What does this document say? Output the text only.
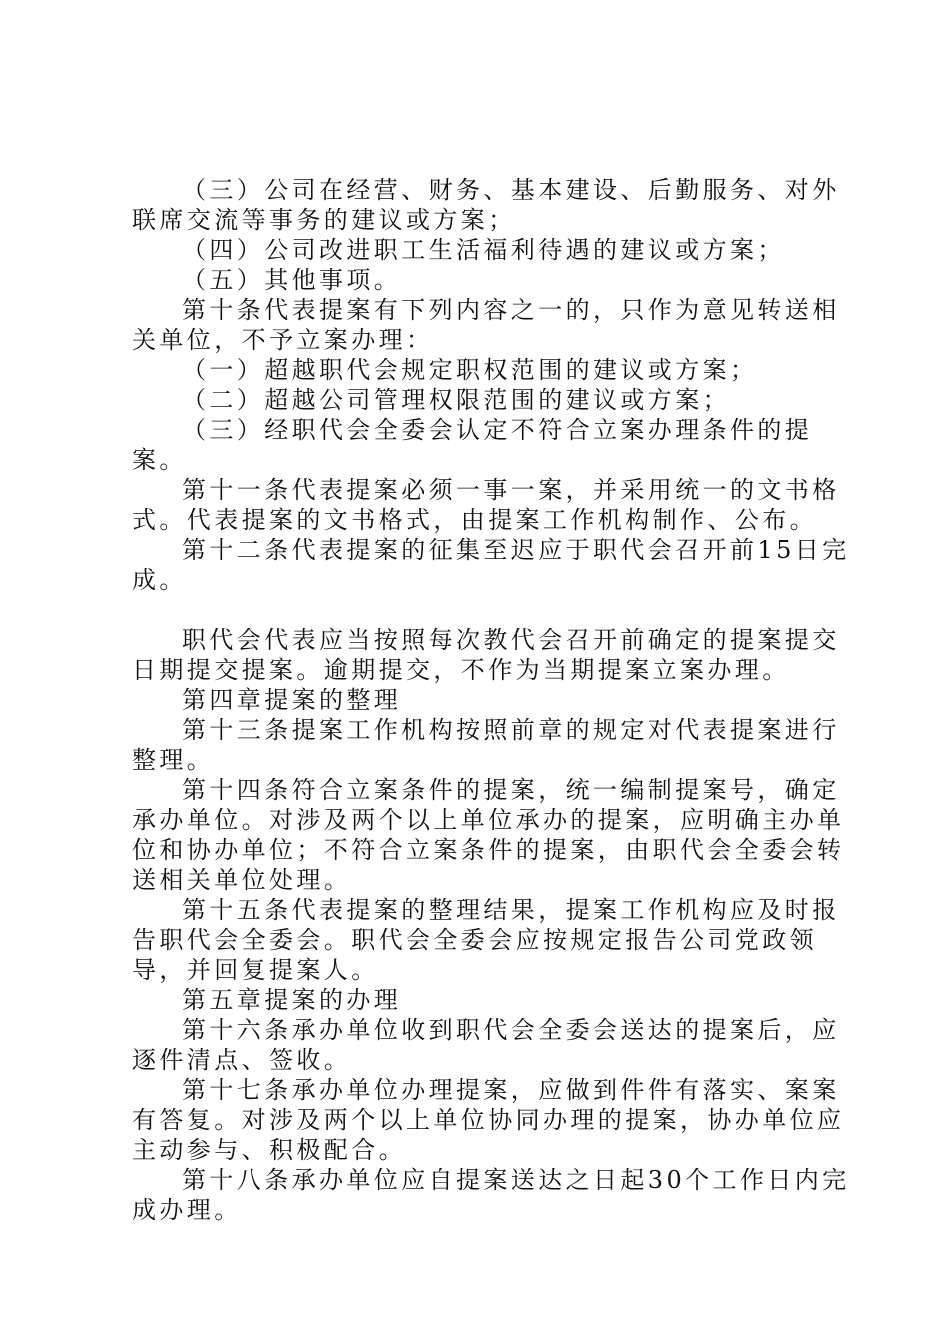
（三）公司在经营、财务、基本建设、后勤服务、对外联席交流等事务的建议或方案；

（四）公司改进职工生活福利待遇的建议或方案；

（五）其他事项。

第十条代表提案有下列内容之一的，只作为意见转送相关单位，不予立案办理：

（一）超越职代会规定职权范围的建议或方案；

（二）超越公司管理权限范围的建议或方案；

（三）经职代会全委会认定不符合立案办理条件的提案。

第十一条代表提案必须一事一案，并采用统一的文书格式。代表提案的文书格式，由提案工作机构制作、公布。

第十二条代表提案的征集至迟应于职代会召开前15日完成。

职代会代表应当按照每次教代会召开前确定的提案提交日期提交提案。逾期提交，不作为当期提案立案办理。

第四章提案的整理

第十三条提案工作机构按照前章的规定对代表提案进行整理。

第十四条符合立案条件的提案，统一编制提案号，确定承办单位。对涉及两个以上单位承办的提案，应明确主办单位和协办单位；不符合立案条件的提案，由职代会全委会转送相关单位处理。

第十五条代表提案的整理结果，提案工作机构应及时报告职代会全委会。职代会全委会应按规定报告公司党政领导，并回复提案人。

第五章提案的办理

第十六条承办单位收到职代会全委会送达的提案后，应逐件清点、签收。

第十七条承办单位办理提案，应做到件件有落实、案案有答复。对涉及两个以上单位协同办理的提案，协办单位应主动参与、积极配合。

第十八条承办单位应自提案送达之日起30个工作日内完成办理。
